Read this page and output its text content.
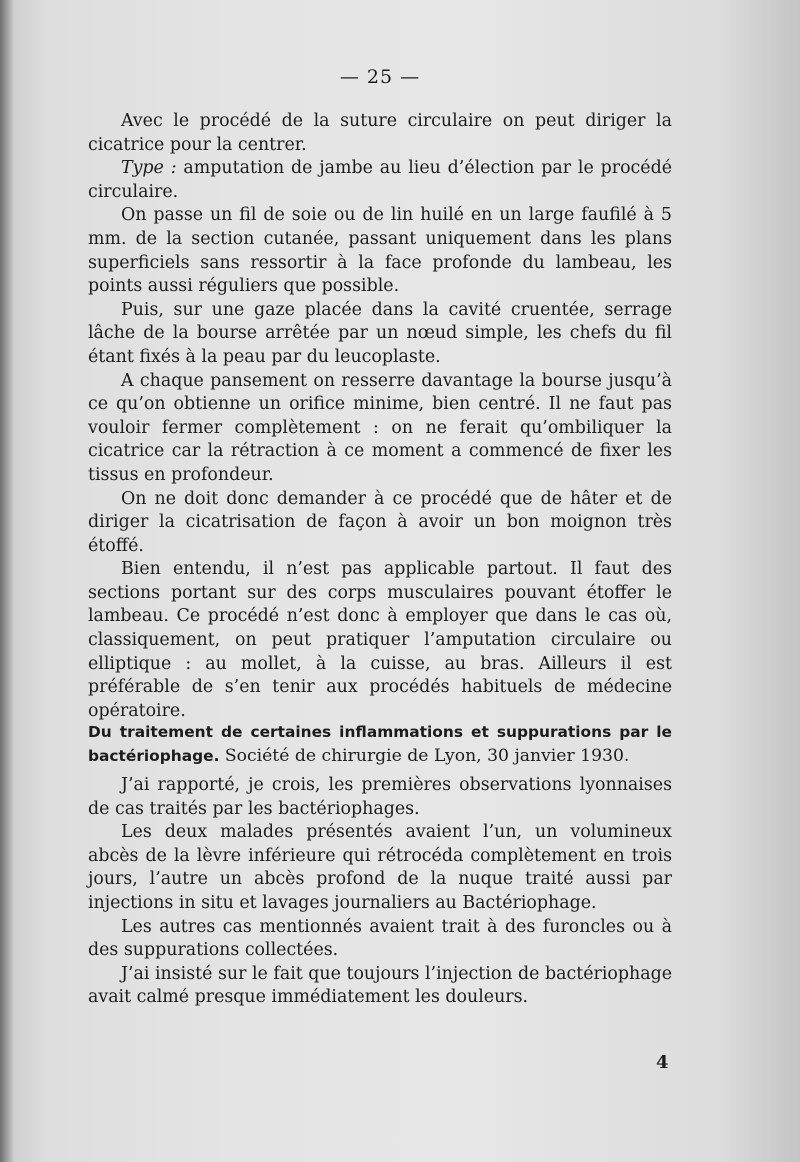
— 25 —

Avec le procédé de la suture circulaire on peut diriger la cicatrice pour la centrer.

Type : amputation de jambe au lieu d’élection par le procédé circulaire.

On passe un fil de soie ou de lin huilé en un large faufilé à 5 mm. de la section cutanée, passant uniquement dans les plans superficiels sans ressortir à la face profonde du lambeau, les points aussi réguliers que possible.

Puis, sur une gaze placée dans la cavité cruentée, serrage lâche de la bourse arrêtée par un nœud simple, les chefs du fil étant fixés à la peau par du leucoplaste.

A chaque pansement on resserre davantage la bourse jusqu’à ce qu’on obtienne un orifice minime, bien centré. Il ne faut pas vouloir fermer complètement : on ne ferait qu’ombiliquer la cicatrice car la rétraction à ce moment a commencé de fixer les tissus en profondeur.

On ne doit donc demander à ce procédé que de hâter et de diriger la cicatrisation de façon à avoir un bon moignon très étoffé.

Bien entendu, il n’est pas applicable partout. Il faut des sections portant sur des corps musculaires pouvant étoffer le lambeau. Ce procédé n’est donc à employer que dans le cas où, classiquement, on peut pratiquer l’amputation circulaire ou elliptique : au mollet, à la cuisse, au bras. Ailleurs il est préférable de s’en tenir aux procédés habituels de médecine opératoire.

Du traitement de certaines inflammations et suppurations par le bactériophage. Société de chirurgie de Lyon, 30 janvier 1930.

J’ai rapporté, je crois, les premières observations lyonnaises de cas traités par les bactériophages.

Les deux malades présentés avaient l’un, un volumineux abcès de la lèvre inférieure qui rétrocéda complètement en trois jours, l’autre un abcès profond de la nuque traité aussi par injections in situ et lavages journaliers au Bactériophage.

Les autres cas mentionnés avaient trait à des furoncles ou à des suppurations collectées.

J’ai insisté sur le fait que toujours l’injection de bactériophage avait calmé presque immédiatement les douleurs.

4
